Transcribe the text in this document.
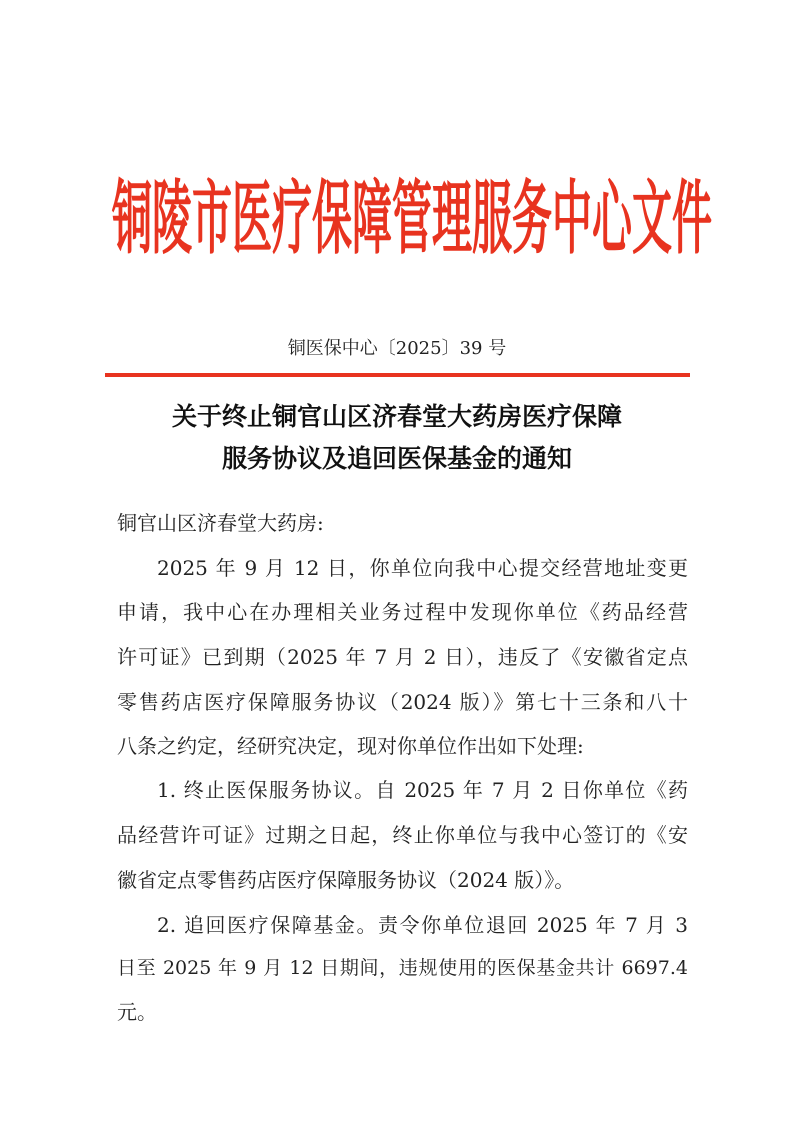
铜陵市医疗保障管理服务中心文件
铜医保中心〔2025〕39 号
关于终止铜官山区济春堂大药房医疗保障
服务协议及追回医保基金的通知
铜官山区济春堂大药房:
2025 年 9 月 12 日，你单位向我中心提交经营地址变更
申请，我中心在办理相关业务过程中发现你单位《药品经营
许可证》已到期（2025 年 7 月 2 日），违反了《安徽省定点
零售药店医疗保障服务协议（2024 版）》第七十三条和八十
八条之约定，经研究决定，现对你单位作出如下处理:
1. 终止医保服务协议。自 2025 年 7 月 2 日你单位《药
品经营许可证》过期之日起，终止你单位与我中心签订的《安
徽省定点零售药店医疗保障服务协议（2024 版）》。
2. 追回医疗保障基金。责令你单位退回 2025 年 7 月 3
日至 2025 年 9 月 12 日期间，违规使用的医保基金共计 6697.4
元。
